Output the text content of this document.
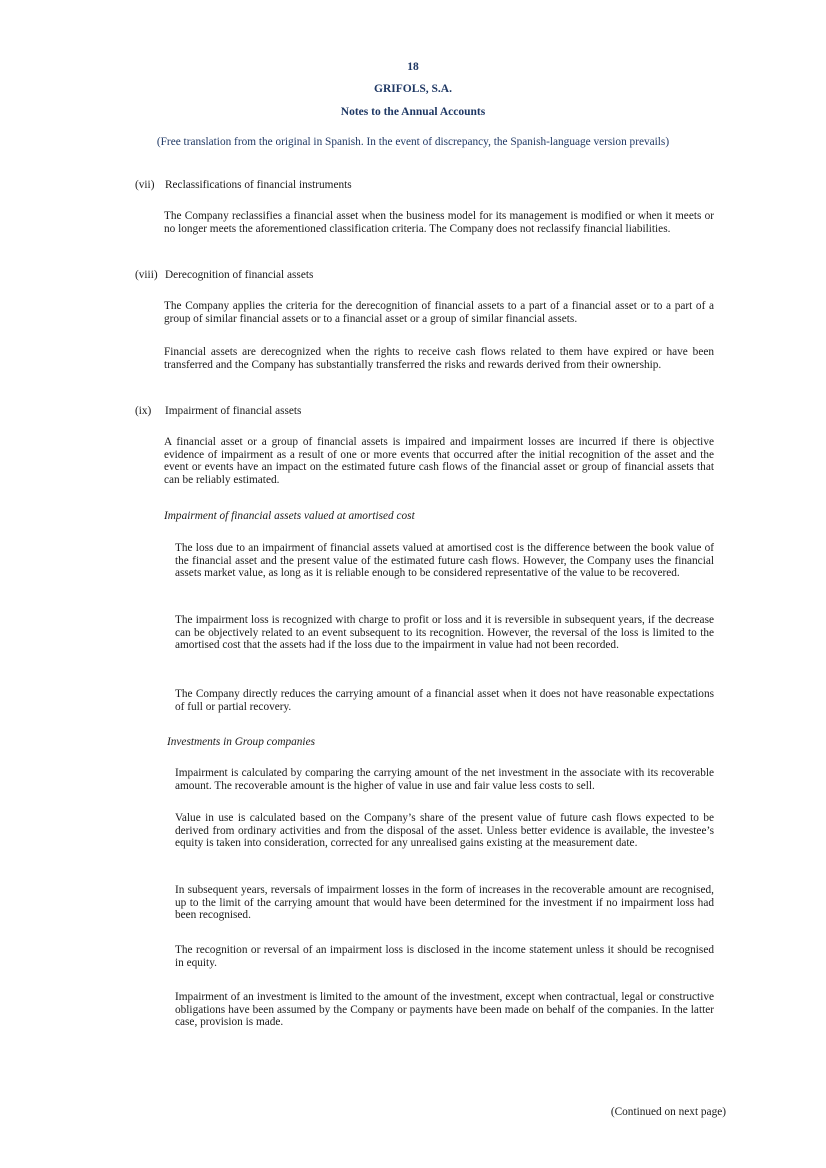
18
GRIFOLS, S.A.
Notes to the Annual Accounts
(Free translation from the original in Spanish. In the event of discrepancy, the Spanish-language version prevails)
(vii) Reclassifications of financial instruments

The Company reclassifies a financial asset when the business model for its management is modified or when it meets or no longer meets the aforementioned classification criteria. The Company does not reclassify financial liabilities.

(viii) Derecognition of financial assets

The Company applies the criteria for the derecognition of financial assets to a part of a financial asset or to a part of a group of similar financial assets or to a financial asset or a group of similar financial assets.

Financial assets are derecognized when the rights to receive cash flows related to them have expired or have been transferred and the Company has substantially transferred the risks and rewards derived from their ownership.

(ix) Impairment of financial assets

A financial asset or a group of financial assets is impaired and impairment losses are incurred if there is objective evidence of impairment as a result of one or more events that occurred after the initial recognition of the asset and the event or events have an impact on the estimated future cash flows of the financial asset or group of financial assets that can be reliably estimated.

Impairment of financial assets valued at amortised cost

The loss due to an impairment of financial assets valued at amortised cost is the difference between the book value of the financial asset and the present value of the estimated future cash flows. However, the Company uses the financial assets market value, as long as it is reliable enough to be considered representative of the value to be recovered.

The impairment loss is recognized with charge to profit or loss and it is reversible in subsequent years, if the decrease can be objectively related to an event subsequent to its recognition. However, the reversal of the loss is limited to the amortised cost that the assets had if the loss due to the impairment in value had not been recorded.

The Company directly reduces the carrying amount of a financial asset when it does not have reasonable expectations of full or partial recovery.

Investments in Group companies

Impairment is calculated by comparing the carrying amount of the net investment in the associate with its recoverable amount. The recoverable amount is the higher of value in use and fair value less costs to sell.

Value in use is calculated based on the Company’s share of the present value of future cash flows expected to be derived from ordinary activities and from the disposal of the asset. Unless better evidence is available, the investee’s equity is taken into consideration, corrected for any unrealised gains existing at the measurement date.

In subsequent years, reversals of impairment losses in the form of increases in the recoverable amount are recognised, up to the limit of the carrying amount that would have been determined for the investment if no impairment loss had been recognised.

The recognition or reversal of an impairment loss is disclosed in the income statement unless it should be recognised in equity.

Impairment of an investment is limited to the amount of the investment, except when contractual, legal or constructive obligations have been assumed by the Company or payments have been made on behalf of the companies. In the latter case, provision is made.

(Continued on next page)
